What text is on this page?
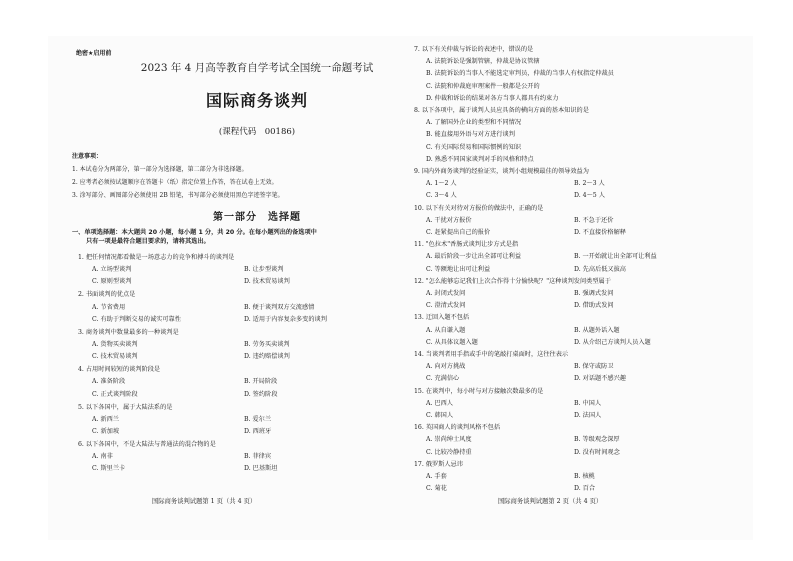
绝密★启用前
2023 年 4 月高等教育自学考试全国统一命题考试
国际商务谈判
(课程代码　00186)
注意事项：
1. 本试卷分为两部分，第一部分为选择题，第二部分为非选择题。
2. 应考者必须按试题顺序在答题卡（纸）指定位置上作答，答在试卷上无效。
3. 涂写部分、画图部分必须使用 2B 铅笔，书写部分必须使用黑色字迹签字笔。
第一部分　选择题
一、单项选择题：本大题共 20 小题，每小题 1 分，共 20 分。在每小题列出的备选项中
只有一项是最符合题目要求的，请将其选出。
1. 把任何情况都看做是一场意志力的竞争和搏斗的谈判是
A. 立场型谈判	B. 让步型谈判
C. 原则型谈判	D. 技术贸易谈判
2. 书面谈判的优点是
A. 节省费用	B. 便于谈判双方交流感情
C. 有助于判断交易的诚实可靠性	D. 适用于内容复杂多变的谈判
3. 商务谈判中数量最多的一种谈判是
A. 货物买卖谈判	B. 劳务买卖谈判
C. 技术贸易谈判	D. 违约赔偿谈判
4. 占用时间较短的谈判阶段是
A. 准备阶段	B. 开局阶段
C. 正式谈判阶段	D. 签约阶段
5. 以下各国中，属于大陆法系的是
A. 新西兰	B. 爱尔兰
C. 新加坡	D. 西班牙
6. 以下各国中，不是大陆法与普通法的混合物的是
A. 南非	B. 菲律宾
C. 斯里兰卡	D. 巴基斯坦
国际商务谈判试题第 1 页（共 4 页）
7. 以下有关仲裁与诉讼的表述中，错误的是
A. 法院诉讼是强制管辖，仲裁是协议管辖
B. 法院诉讼的当事人不能选定审判员，仲裁的当事人有权指定仲裁员
C. 法院和仲裁庭审理案件一般都是公开的
D. 仲裁和诉讼的结果对各方当事人都具有约束力
8. 以下各项中，属于谈判人员应具备的横向方面的基本知识的是
A. 了解国外企业的类型和不同情况
B. 能直接用外语与对方进行谈判
C. 有关国际贸易和国际惯例的知识
D. 熟悉不同国家谈判对手的风格和特点
9. 国内外商务谈判的经验证实，谈判小组规模最佳的领导效益为
A. 1～2 人	B. 2～3 人
C. 3～4 人	D. 4～5 人
10. 以下有关对待对方报价的做法中，正确的是
A. 干扰对方报价	B. 不急于还价
C. 赶紧提出自己的报价	D. 不直接价格解释
11. "色拉术"香肠式谈判让步方式是指
A. 最后阶段一步让出全部可让利益	B. 一开始就让出全部可让利益
C. 等额地让出可让利益	D. 先高后低又拔高
12. "怎么能够忘记我们上次合作得十分愉快呢？"这种谈判发问类型属于
A. 封闭式发问	B. 强调式发问
C. 澄清式发问	D. 借助式发问
13. 迂回入题不包括
A. 从自谦入题	B. 从题外话入题
C. 从具体议题入题	D. 从介绍己方谈判人员入题
14. 当谈判者用手指或手中的笔敲打桌面时，这往往表示
A. 向对方挑战	B. 保守或防卫
C. 充满信心	D. 对话题不感兴趣
15. 在谈判中，每小时与对方接触次数最多的是
A. 巴西人	B. 中国人
C. 韩国人	D. 法国人
16. 英国商人的谈判风格不包括
A. 崇尚绅士风度	B. 等级观念深厚
C. 比较冷静持重	D. 没有时间观念
17. 俄罗斯人忌讳
A. 手套	B. 核桃
C. 菊花	D. 百合
国际商务谈判试题第 2 页（共 4 页）
